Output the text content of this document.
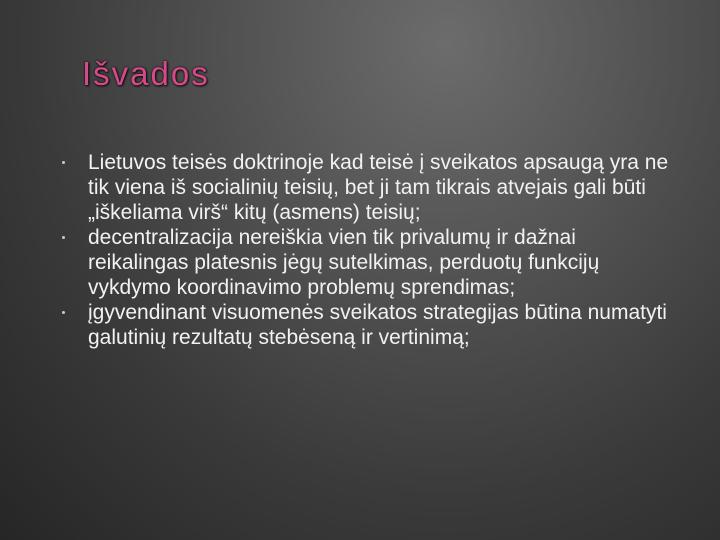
Išvados
Lietuvos teisės doktrinoje kad teisė į sveikatos apsaugą yra ne tik viena iš socialinių teisių, bet ji tam tikrais atvejais gali būti „iškeliama virš“ kitų (asmens) teisių;
decentralizacija nereiškia vien tik privalumų ir dažnai reikalingas platesnis jėgų sutelkimas, perduotų funkcijų vykdymo koordinavimo problemų sprendimas;
įgyvendinant visuomenės sveikatos strategijas būtina numatyti galutinių rezultatų stebėseną ir vertinimą;
